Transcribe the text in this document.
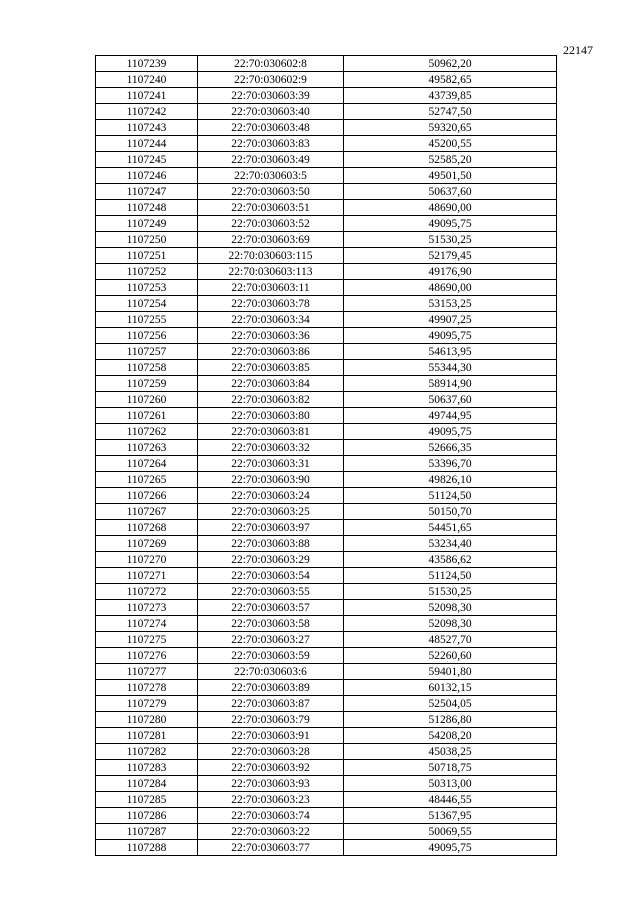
22147
1107239	22:70:030602:8	50962,20
1107240	22:70:030602:9	49582,65
1107241	22:70:030603:39	43739,85
1107242	22:70:030603:40	52747,50
1107243	22:70:030603:48	59320,65
1107244	22:70:030603:83	45200,55
1107245	22:70:030603:49	52585,20
1107246	22:70:030603:5	49501,50
1107247	22:70:030603:50	50637,60
1107248	22:70:030603:51	48690,00
1107249	22:70:030603:52	49095,75
1107250	22:70:030603:69	51530,25
1107251	22:70:030603:115	52179,45
1107252	22:70:030603:113	49176,90
1107253	22:70:030603:11	48690,00
1107254	22:70:030603:78	53153,25
1107255	22:70:030603:34	49907,25
1107256	22:70:030603:36	49095,75
1107257	22:70:030603:86	54613,95
1107258	22:70:030603:85	55344,30
1107259	22:70:030603:84	58914,90
1107260	22:70:030603:82	50637,60
1107261	22:70:030603:80	49744,95
1107262	22:70:030603:81	49095,75
1107263	22:70:030603:32	52666,35
1107264	22:70:030603:31	53396,70
1107265	22:70:030603:90	49826,10
1107266	22:70:030603:24	51124,50
1107267	22:70:030603:25	50150,70
1107268	22:70:030603:97	54451,65
1107269	22:70:030603:88	53234,40
1107270	22:70:030603:29	43586,62
1107271	22:70:030603:54	51124,50
1107272	22:70:030603:55	51530,25
1107273	22:70:030603:57	52098,30
1107274	22:70:030603:58	52098,30
1107275	22:70:030603:27	48527,70
1107276	22:70:030603:59	52260,60
1107277	22:70:030603:6	59401,80
1107278	22:70:030603:89	60132,15
1107279	22:70:030603:87	52504,05
1107280	22:70:030603:79	51286,80
1107281	22:70:030603:91	54208,20
1107282	22:70:030603:28	45038,25
1107283	22:70:030603:92	50718,75
1107284	22:70:030603:93	50313,00
1107285	22:70:030603:23	48446,55
1107286	22:70:030603:74	51367,95
1107287	22:70:030603:22	50069,55
1107288	22:70:030603:77	49095,75
